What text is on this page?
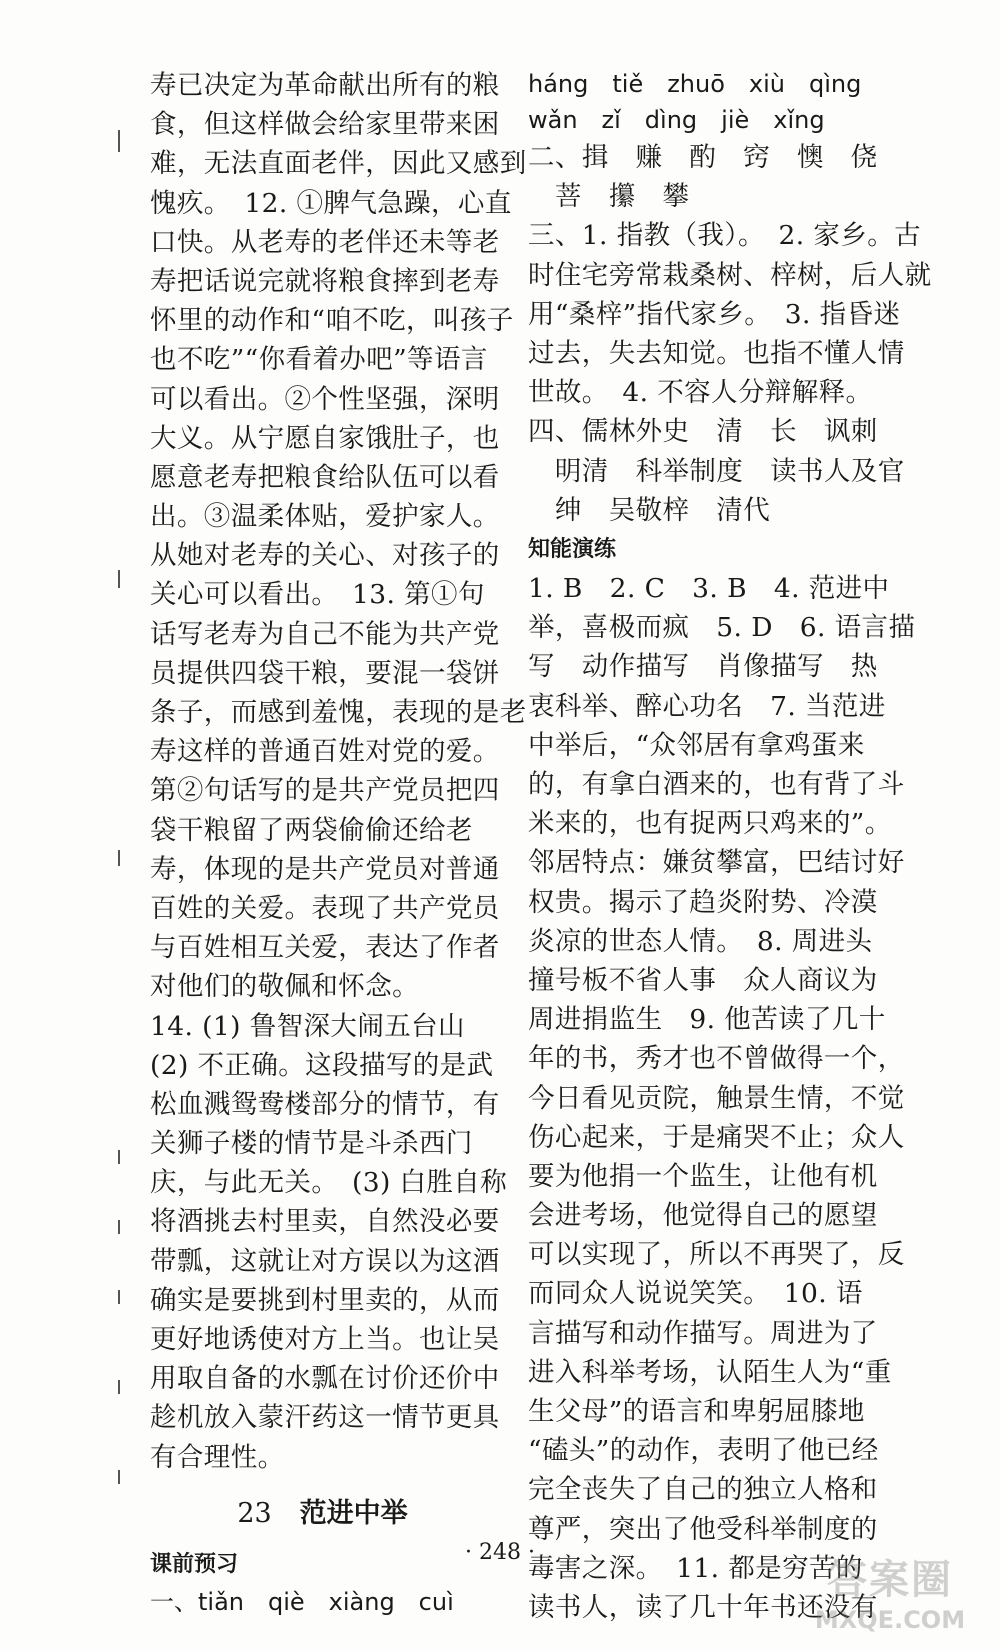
寿已决定为革命献出所有的粮
食，但这样做会给家里带来困
难，无法直面老伴，因此又感到
愧疚。　12. ①脾气急躁，心直
口快。从老寿的老伴还未等老
寿把话说完就将粮食摔到老寿
怀里的动作和“咱不吃，叫孩子
也不吃”“你看着办吧”等语言
可以看出。②个性坚强，深明
大义。从宁愿自家饿肚子，也
愿意老寿把粮食给队伍可以看
出。③温柔体贴，爱护家人。
从她对老寿的关心、对孩子的
关心可以看出。　13. 第①句
话写老寿为自己不能为共产党
员提供四袋干粮，要混一袋饼
条子，而感到羞愧，表现的是老
寿这样的普通百姓对党的爱。
第②句话写的是共产党员把四
袋干粮留了两袋偷偷还给老
寿，体现的是共产党员对普通
百姓的关爱。表现了共产党员
与百姓相互关爱，表达了作者
对他们的敬佩和怀念。
14. (1) 鲁智深大闹五台山
(2) 不正确。这段描写的是武
松血溅鸳鸯楼部分的情节，有
关狮子楼的情节是斗杀西门
庆，与此无关。　(3) 白胜自称
将酒挑去村里卖，自然没必要
带瓢，这就让对方误以为这酒
确实是要挑到村里卖的，从而
更好地诱使对方上当。也让吴
用取自备的水瓢在讨价还价中
趁机放入蒙汗药这一情节更具
有合理性。
23 范进中举
课前预习
一、tiǎn　qiè　xiàng　cuì
háng　tiě　zhuō　xiù　qìng
wǎn　zǐ　dìng　jiè　xǐng
二、揖　赚　酌　窍　懊　侥
　菩　攥　攀
三、1. 指教（我）。　2. 家乡。古
时住宅旁常栽桑树、梓树，后人就
用“桑梓”指代家乡。　3. 指昏迷
过去，失去知觉。也指不懂人情
世故。　4. 不容人分辩解释。
四、儒林外史　清　长　讽刺
　明清　科举制度　读书人及官
　绅　吴敬梓　清代
知能演练
1. B　2. C　3. B　4. 范进中
举，喜极而疯　5. D　6. 语言描
写　动作描写　肖像描写　热
衷科举、醉心功名　7. 当范进
中举后，“众邻居有拿鸡蛋来
的，有拿白酒来的，也有背了斗
米来的，也有捉两只鸡来的”。
邻居特点：嫌贫攀富，巴结讨好
权贵。揭示了趋炎附势、冷漠
炎凉的世态人情。　8. 周进头
撞号板不省人事　众人商议为
周进捐监生　9. 他苦读了几十
年的书，秀才也不曾做得一个，
今日看见贡院，触景生情，不觉
伤心起来，于是痛哭不止；众人
要为他捐一个监生，让他有机
会进考场，他觉得自己的愿望
可以实现了，所以不再哭了，反
而同众人说说笑笑。　10. 语
言描写和动作描写。周进为了
进入科举考场，认陌生人为“重
生父母”的语言和卑躬屈膝地
“磕头”的动作，表明了他已经
完全丧失了自己的独立人格和
尊严，突出了他受科举制度的
毒害之深。　11. 都是穷苦的
读书人，读了几十年书还没有
· 248 ·
答案圈
MXQE.COM
